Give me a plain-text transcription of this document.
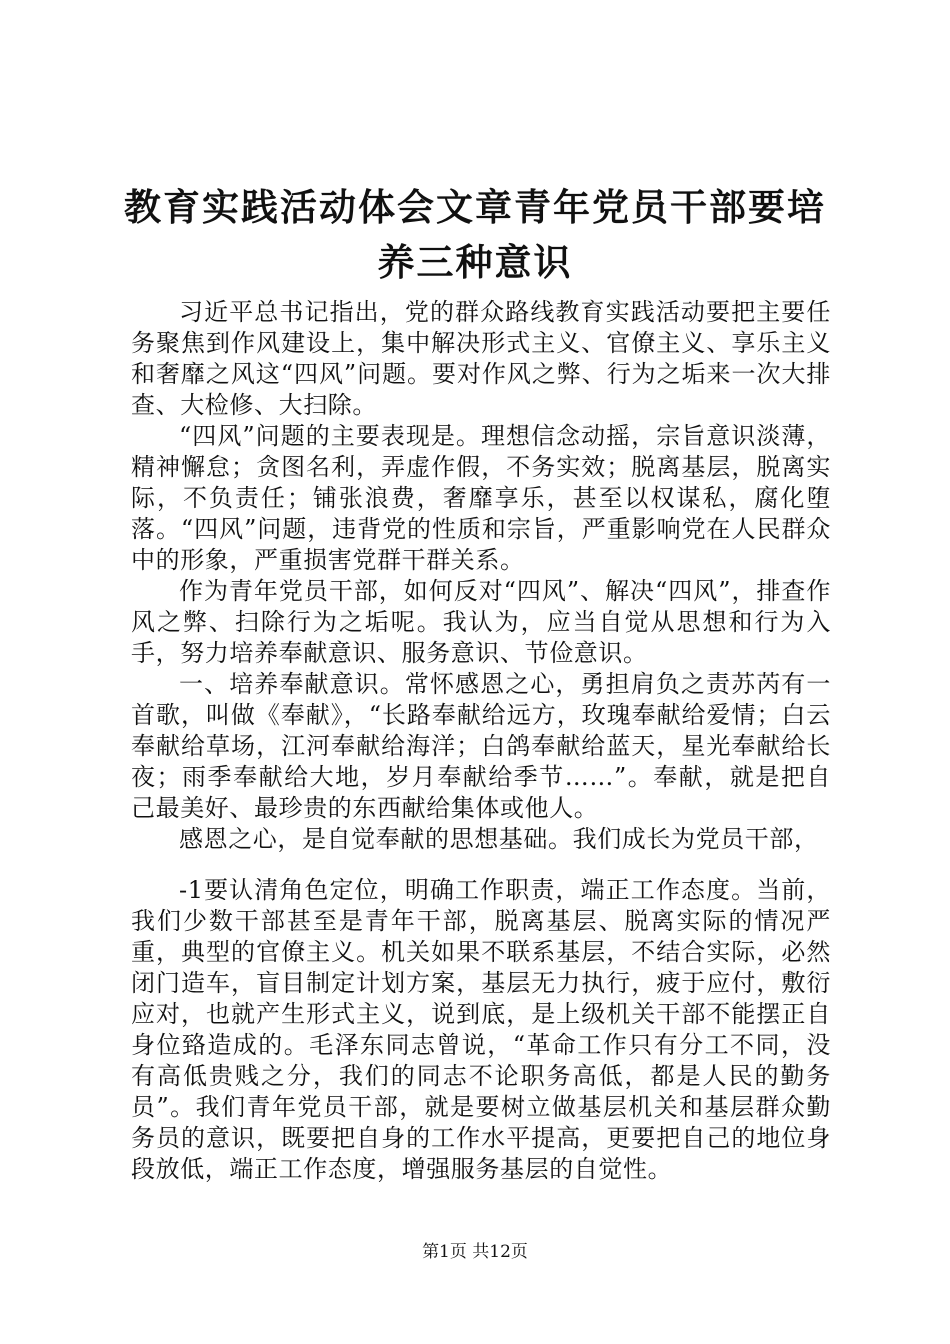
教育实践活动体会文章青年党员干部要培养三种意识

习近平总书记指出，党的群众路线教育实践活动要把主要任务聚焦到作风建设上，集中解决形式主义、官僚主义、享乐主义和奢靡之风这“四风”问题。要对作风之弊、行为之垢来一次大排查、大检修、大扫除。

“四风”问题的主要表现是。理想信念动摇，宗旨意识淡薄，精神懈怠；贪图名利，弄虚作假，不务实效；脱离基层，脱离实际，不负责任；铺张浪费，奢靡享乐，甚至以权谋私，腐化堕落。“四风”问题，违背党的性质和宗旨，严重影响党在人民群众中的形象，严重损害党群干群关系。

作为青年党员干部，如何反对“四风”、解决“四风”，排查作风之弊、扫除行为之垢呢。我认为，应当自觉从思想和行为入手，努力培养奉献意识、服务意识、节俭意识。

一、培养奉献意识。常怀感恩之心，勇担肩负之责苏芮有一首歌，叫做《奉献》，“长路奉献给远方，玫瑰奉献给爱情；白云奉献给草场，江河奉献给海洋；白鸽奉献给蓝天，星光奉献给长夜；雨季奉献给大地，岁月奉献给季节……”。奉献，就是把自己最美好、最珍贵的东西献给集体或他人。

感恩之心，是自觉奉献的思想基础。我们成长为党员干部，

-1要认清角色定位，明确工作职责，端正工作态度。当前，我们少数干部甚至是青年干部，脱离基层、脱离实际的情况严重，典型的官僚主义。机关如果不联系基层，不结合实际，必然闭门造车，盲目制定计划方案，基层无力执行，疲于应付，敷衍应对，也就产生形式主义，说到底，是上级机关干部不能摆正自身位臵造成的。毛泽东同志曾说，“革命工作只有分工不同，没有高低贵贱之分，我们的同志不论职务高低，都是人民的勤务员”。我们青年党员干部，就是要树立做基层机关和基层群众勤务员的意识，既要把自身的工作水平提高，更要把自己的地位身段放低，端正工作态度，增强服务基层的自觉性。

第1页 共12页
